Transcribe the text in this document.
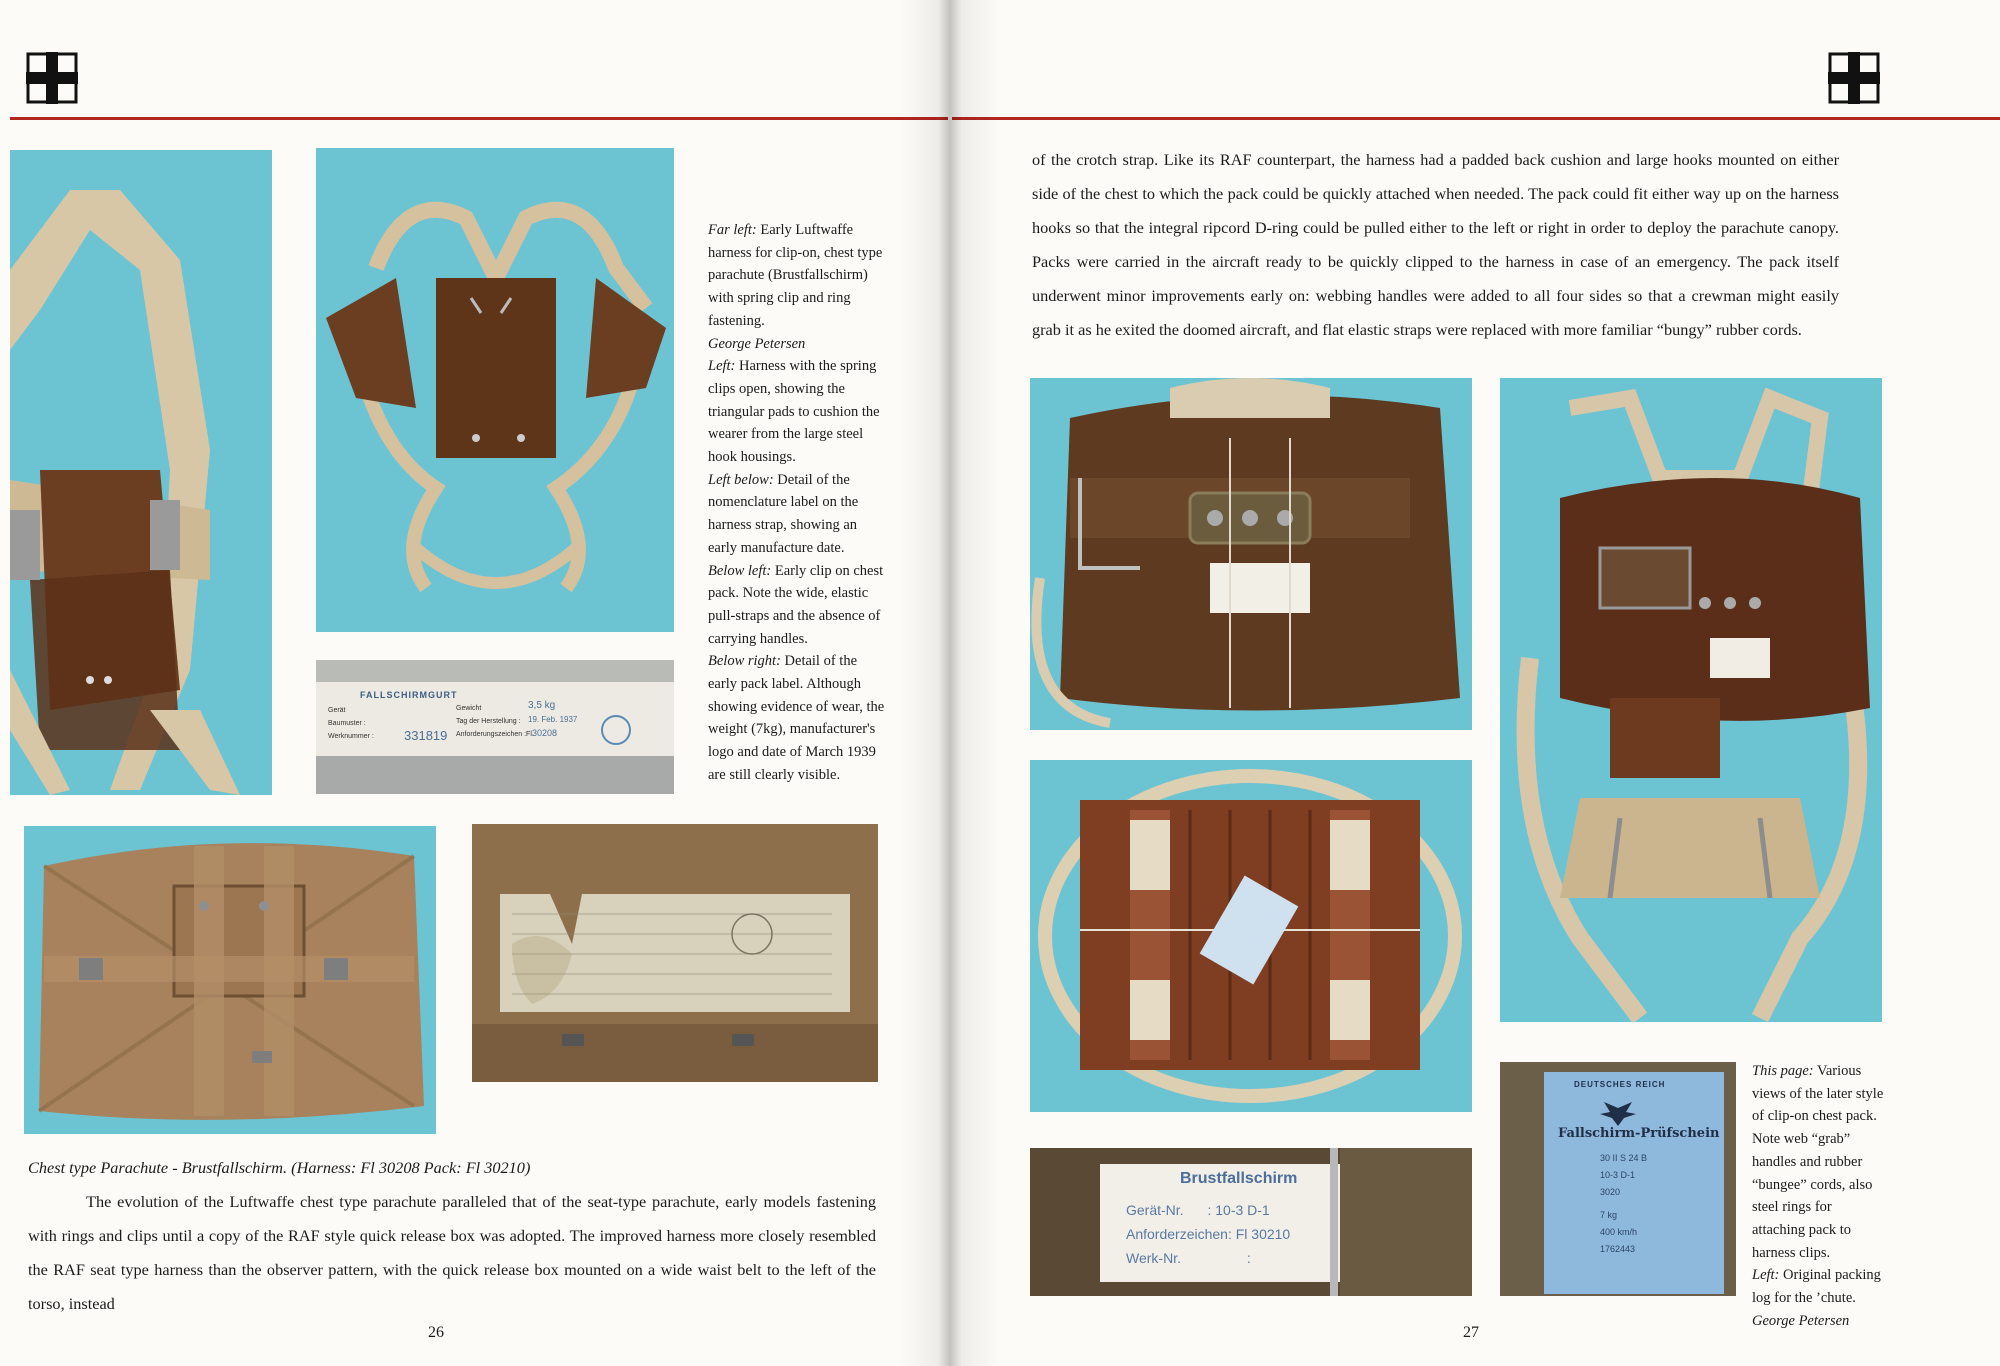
FALLSCHIRMGURT
Gerät
Baumuster :
Werknummer : 331819
Gewicht
Tag der Herstellung :
Anforderungszeichen :Fl.
3,5 kg
19. Feb. 1937
30208

Far left: Early Luftwaffe harness for clip-on, chest type parachute (Brustfallschirm) with spring clip and ring fastening.

George Petersen

Left: Harness with the spring clips open, showing the triangular pads to cushion the wearer from the large steel hook housings.

Left below: Detail of the nomenclature label on the harness strap, showing an early manufacture date.

Below left: Early clip on chest pack. Note the wide, elastic pull-straps and the absence of carrying handles.

Below right: Detail of the early pack label. Although showing evidence of wear, the weight (7kg), manufacturer's logo and date of March 1939 are still clearly visible.

Chest type Parachute - Brustfallschirm. (Harness: Fl 30208 Pack: Fl 30210)

The evolution of the Luftwaffe chest type parachute paralleled that of the seat-type parachute, early models fastening with rings and clips until a copy of the RAF style quick release box was adopted. The improved harness more closely resembled the RAF seat type harness than the observer pattern, with the quick release box mounted on a wide waist belt to the left of the torso, instead

26

of the crotch strap. Like its RAF counterpart, the harness had a padded back cushion and large hooks mounted on either side of the chest to which the pack could be quickly attached when needed. The pack could fit either way up on the harness hooks so that the integral ripcord D-ring could be pulled either to the left or right in order to deploy the parachute canopy. Packs were carried in the aircraft ready to be quickly clipped to the harness in case of an emergency. The pack itself underwent minor improvements early on: webbing handles were added to all four sides so that a crewman might easily grab it as he exited the doomed aircraft, and flat elastic straps were replaced with more familiar “bungy” rubber cords.

Brustfallschirm
Gerät-Nr. : 10-3 D-1
Anforderzeichen: Fl 30210
Werk-Nr.	:
DEUTSCHES REICH
Fallschirm-Prüfschein
30 II S 24 B
10-3 D-1
3020
7 kg
400 km/h
1762443

This page: Various views of the later style of clip-on chest pack. Note web “grab” handles and rubber “bungee” cords, also steel rings for attaching pack to harness clips.

Left: Original packing log for the ’chute.

George Petersen

27
